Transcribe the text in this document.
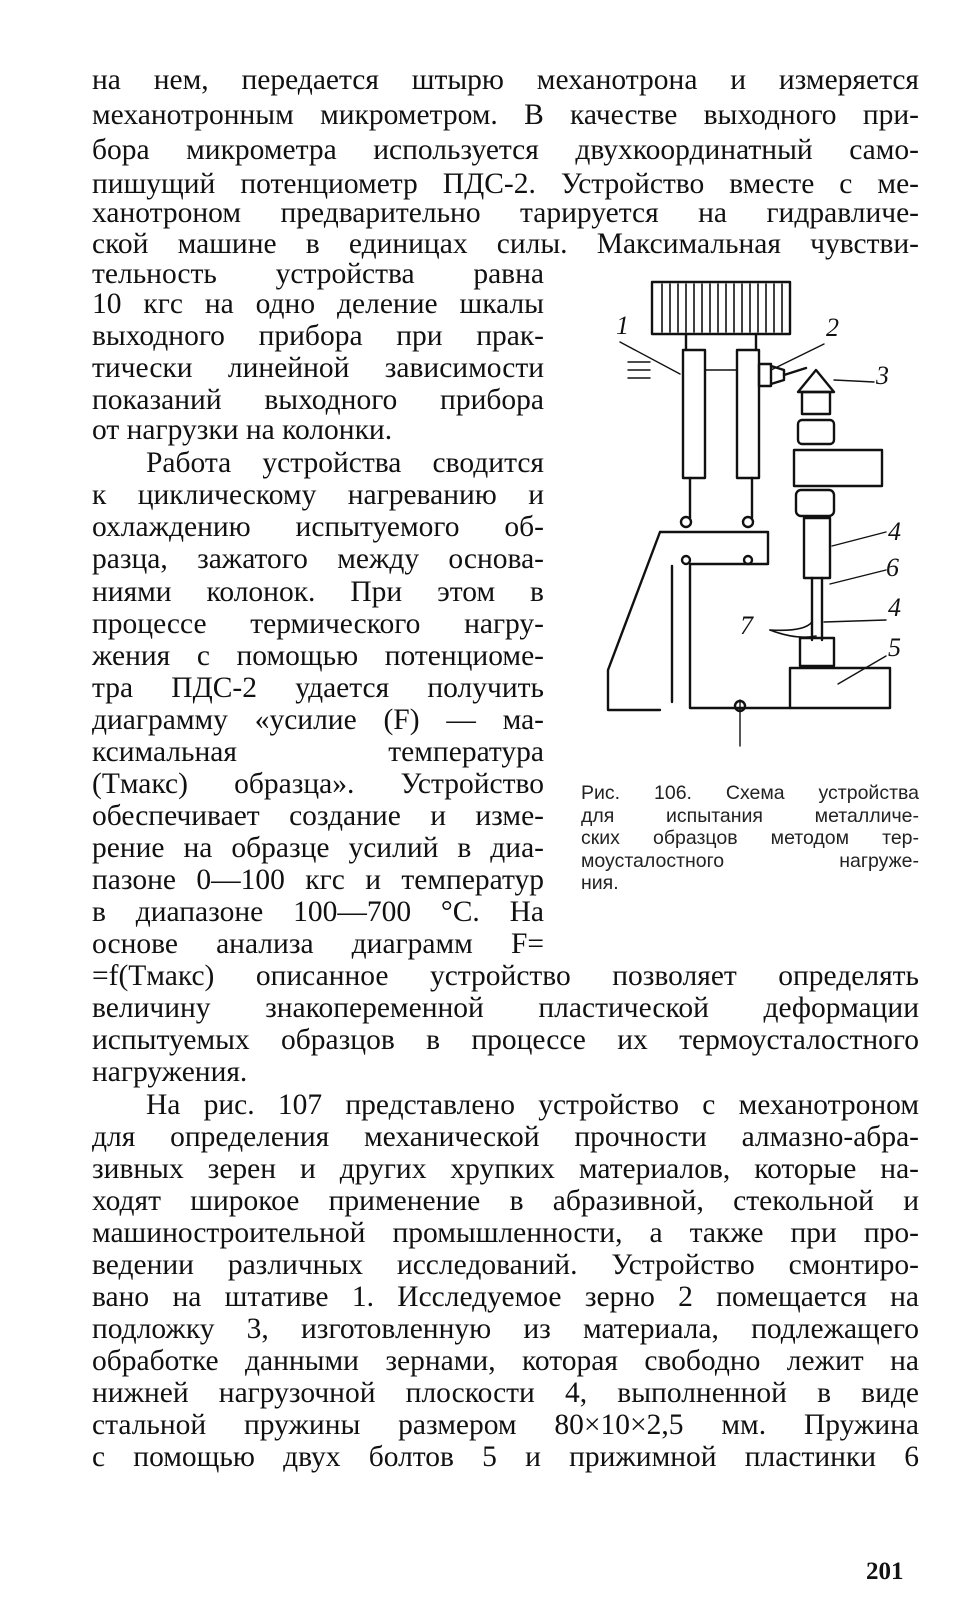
на нем, передается штырю механотрона и измеряется
механотронным микрометром. В качестве выходного при-
бора микрометра используется двухкоординатный само-
пишущий потенциометр ПДС-2. Устройство вместе с ме-
ханотроном предварительно тарируется на гидравличе-
ской машине в единицах силы. Максимальная чувстви-
тельность устройства равна
10 кгс на одно деление шкалы
выходного прибора при прак-
тически линейной зависимости
показаний выходного прибора
от нагрузки на колонки.
Работа устройства сводится
к циклическому нагреванию и
охлаждению испытуемого об-
разца, зажатого между основа-
ниями колонок. При этом в
процессе термического нагру-
жения с помощью потенциоме-
тра ПДС-2 удается получить
диаграмму «усилие (F) — ма-
ксимальная температура
(Tмакс) образца». Устройство
обеспечивает создание и изме-
рение на образце усилий в диа-
пазоне 0—100 кгс и температур
в диапазоне 100—700 °С. На
основе анализа диаграмм F=
=f(Tмакс) описанное устройство позволяет определять
величину знакопеременной пластической деформации
испытуемых образцов в процессе их термоусталостного
нагружения.
На рис. 107 представлено устройство с механотроном
для определения механической прочности алмазно-абра-
зивных зерен и других хрупких материалов, которые на-
ходят широкое применение в абразивной, стекольной и
машиностроительной промышленности, а также при про-
ведении различных исследований. Устройство смонтиро-
вано на штативе 1. Исследуемое зерно 2 помещается на
подложку 3, изготовленную из материала, подлежащего
обработке данными зернами, которая свободно лежит на
нижней нагрузочной плоскости 4, выполненной в виде
стальной пружины размером 80×10×2,5 мм. Пружина
с помощью двух болтов 5 и прижимной пластинки 6
1	2
3
4
6
4
5
7
Рис. 106. Схема устройства
для испытания металличе-
ских образцов методом тер-
моусталостного нагруже-
ния.
201
